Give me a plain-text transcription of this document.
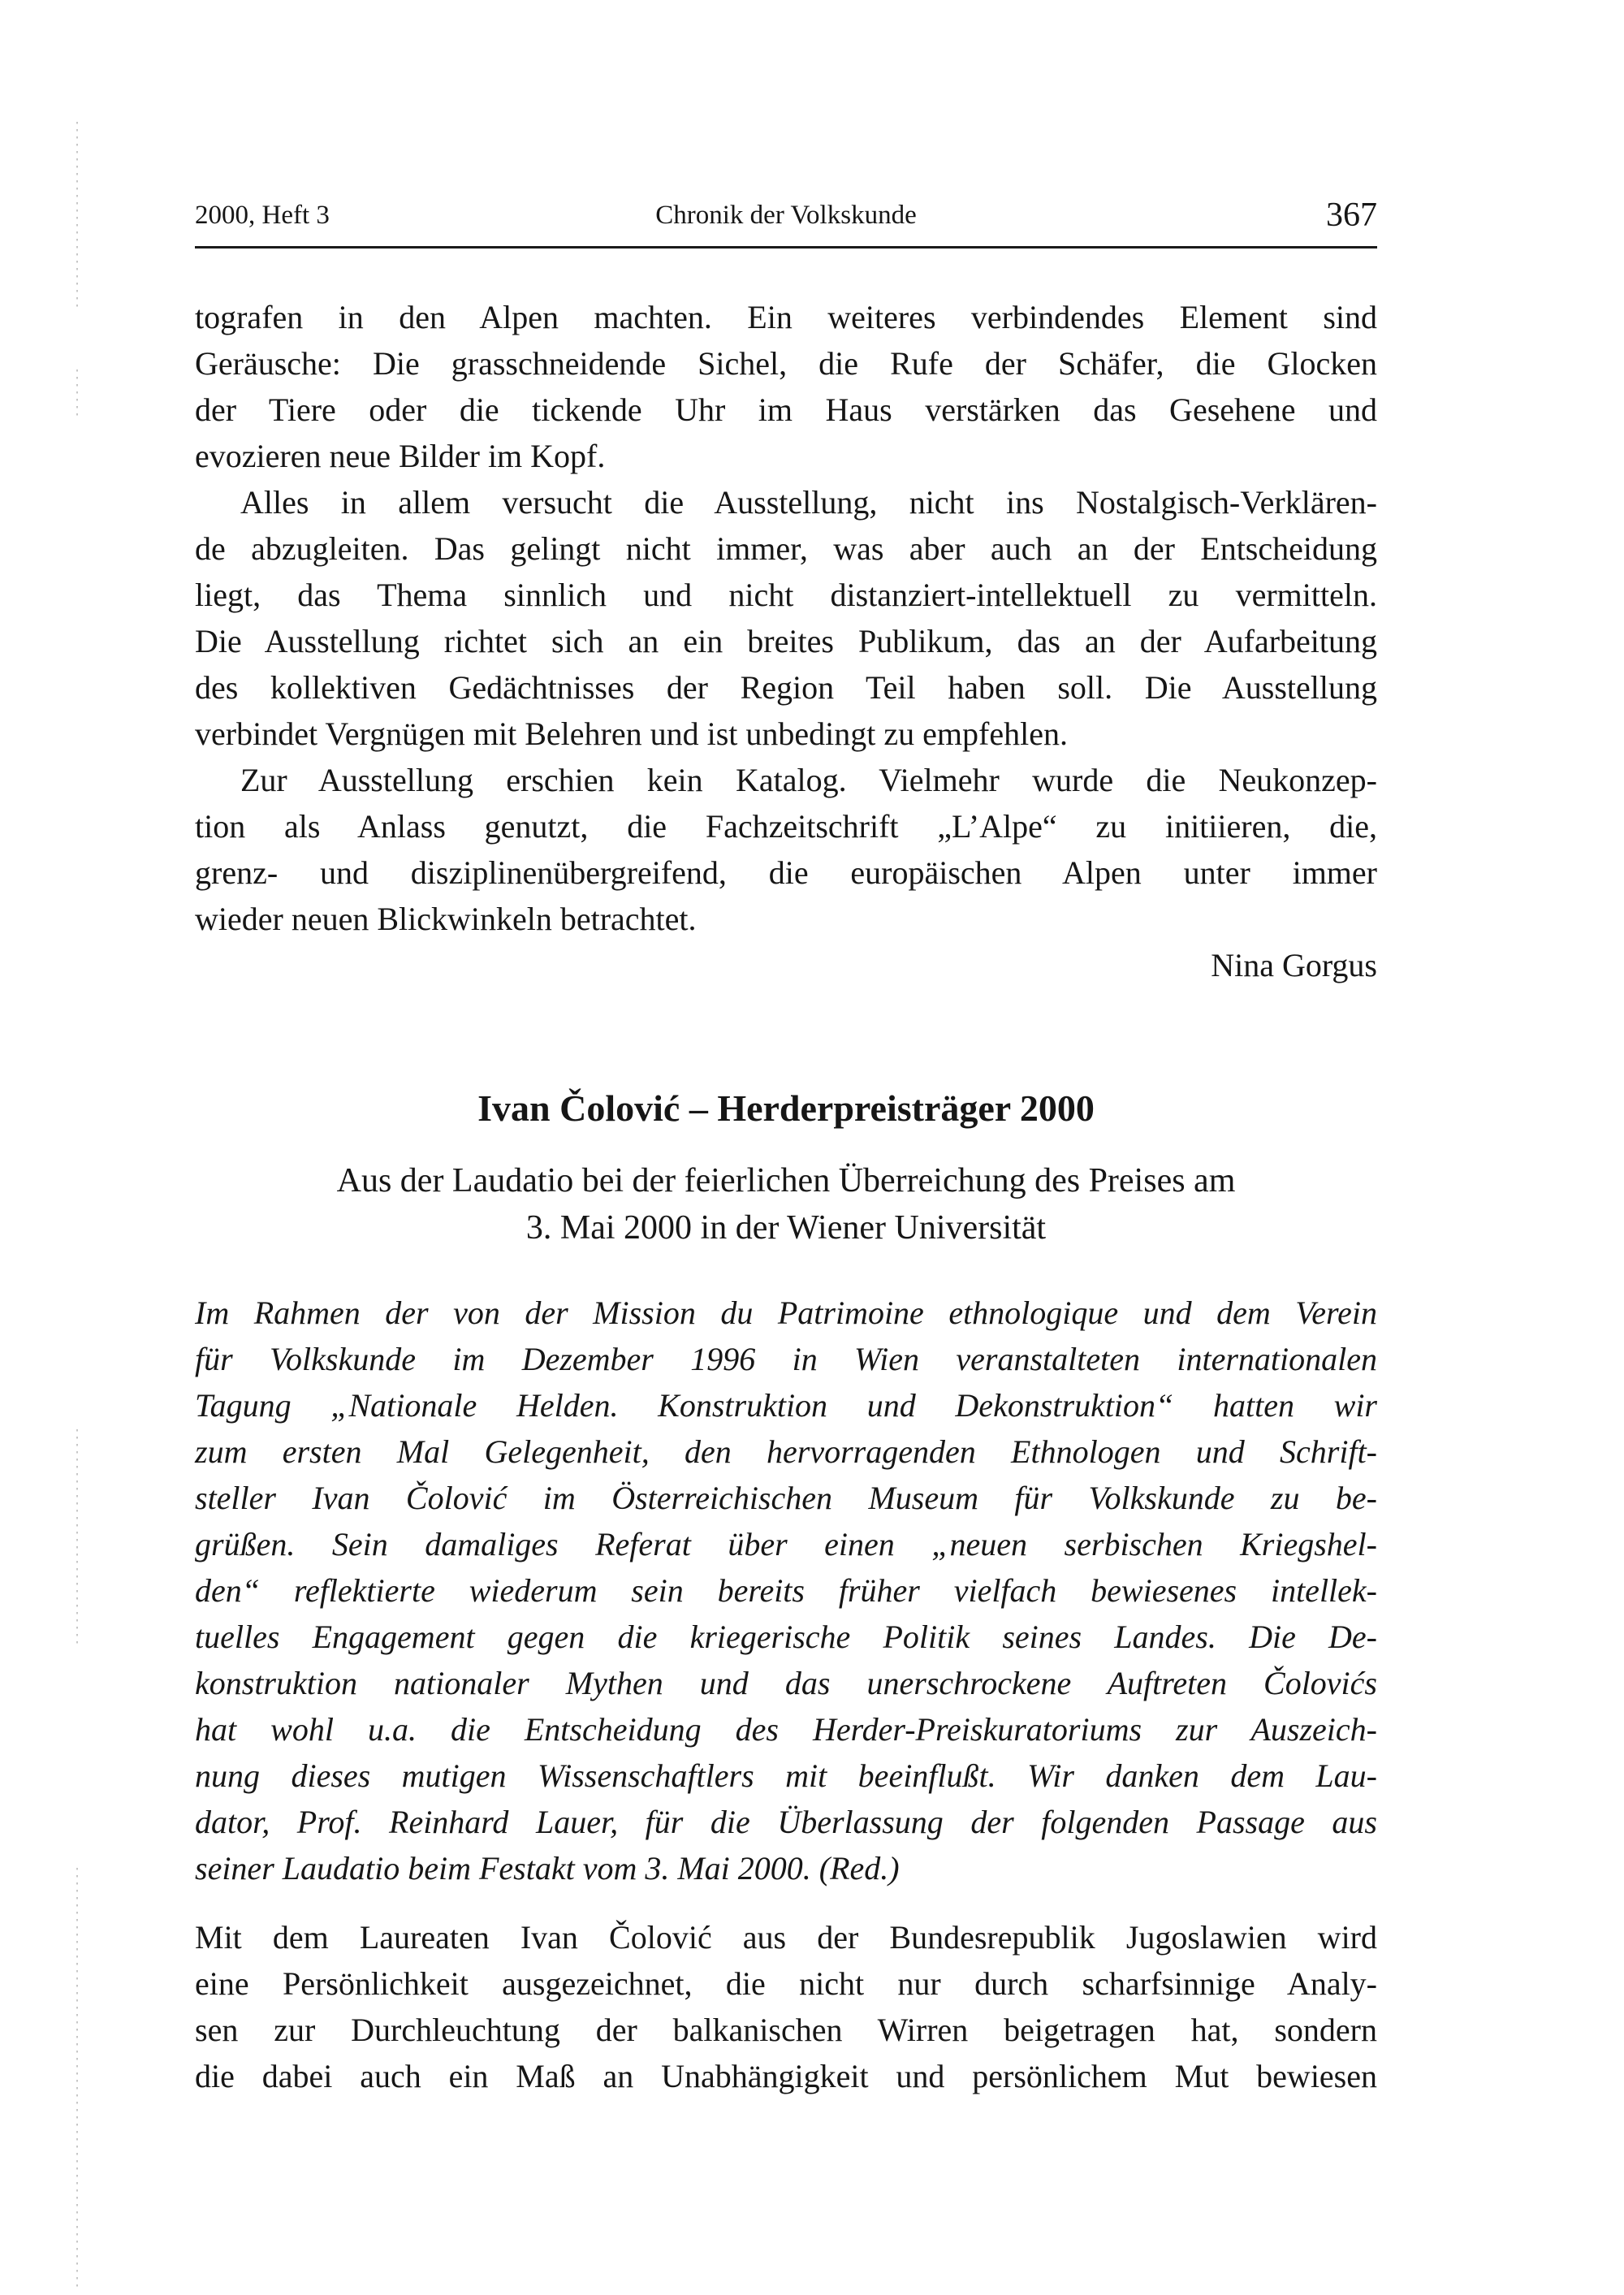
2000, Heft 3	Chronik der Volkskunde	367
tografen in den Alpen machten. Ein weiteres verbindendes Element sind
Geräusche: Die grasschneidende Sichel, die Rufe der Schäfer, die Glocken
der Tiere oder die tickende Uhr im Haus verstärken das Gesehene und
evozieren neue Bilder im Kopf.
Alles in allem versucht die Ausstellung, nicht ins Nostalgisch-Verklären-
de abzugleiten. Das gelingt nicht immer, was aber auch an der Entscheidung
liegt, das Thema sinnlich und nicht distanziert-intellektuell zu vermitteln.
Die Ausstellung richtet sich an ein breites Publikum, das an der Aufarbeitung
des kollektiven Gedächtnisses der Region Teil haben soll. Die Ausstellung
verbindet Vergnügen mit Belehren und ist unbedingt zu empfehlen.
Zur Ausstellung erschien kein Katalog. Vielmehr wurde die Neukonzep-
tion als Anlass genutzt, die Fachzeitschrift „L’Alpe“ zu initiieren, die,
grenz- und disziplinenübergreifend, die europäischen Alpen unter immer
wieder neuen Blickwinkeln betrachtet.
Nina Gorgus
Ivan Čolović – Herderpreisträger 2000
Aus der Laudatio bei der feierlichen Überreichung des Preises am
3. Mai 2000 in der Wiener Universität
Im Rahmen der von der Mission du Patrimoine ethnologique und dem Verein
für Volkskunde im Dezember 1996 in Wien veranstalteten internationalen
Tagung „Nationale Helden. Konstruktion und Dekonstruktion“ hatten wir
zum ersten Mal Gelegenheit, den hervorragenden Ethnologen und Schrift-
steller Ivan Čolović im Österreichischen Museum für Volkskunde zu be-
grüßen. Sein damaliges Referat über einen „neuen serbischen Kriegshel-
den“ reflektierte wiederum sein bereits früher vielfach bewiesenes intellek-
tuelles Engagement gegen die kriegerische Politik seines Landes. Die De-
konstruktion nationaler Mythen und das unerschrockene Auftreten Čolovićs
hat wohl u.a. die Entscheidung des Herder-Preiskuratoriums zur Auszeich-
nung dieses mutigen Wissenschaftlers mit beeinflußt. Wir danken dem Lau-
dator, Prof. Reinhard Lauer, für die Überlassung der folgenden Passage aus
seiner Laudatio beim Festakt vom 3. Mai 2000. (Red.)
Mit dem Laureaten Ivan Čolović aus der Bundesrepublik Jugoslawien wird
eine Persönlichkeit ausgezeichnet, die nicht nur durch scharfsinnige Analy-
sen zur Durchleuchtung der balkanischen Wirren beigetragen hat, sondern
die dabei auch ein Maß an Unabhängigkeit und persönlichem Mut bewiesen
